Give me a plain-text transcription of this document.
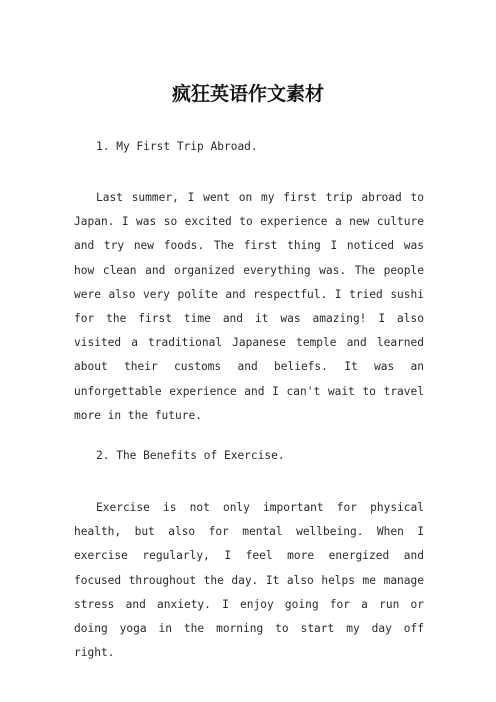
疯狂英语作文素材

1. My First Trip Abroad.

Last summer, I went on my first trip abroad to Japan. I was so excited to experience a new culture and try new foods. The first thing I noticed was how clean and organized everything was. The people were also very polite and respectful. I tried sushi for the first time and it was amazing! I also visited a traditional Japanese temple and learned about their customs and beliefs. It was an unforgettable experience and I can't wait to travel more in the future.

2. The Benefits of Exercise.

Exercise is not only important for physical health, but also for mental wellbeing. When I exercise regularly, I feel more energized and focused throughout the day. It also helps me manage stress and anxiety. I enjoy going for a run or doing yoga in the morning to start my day off right.
